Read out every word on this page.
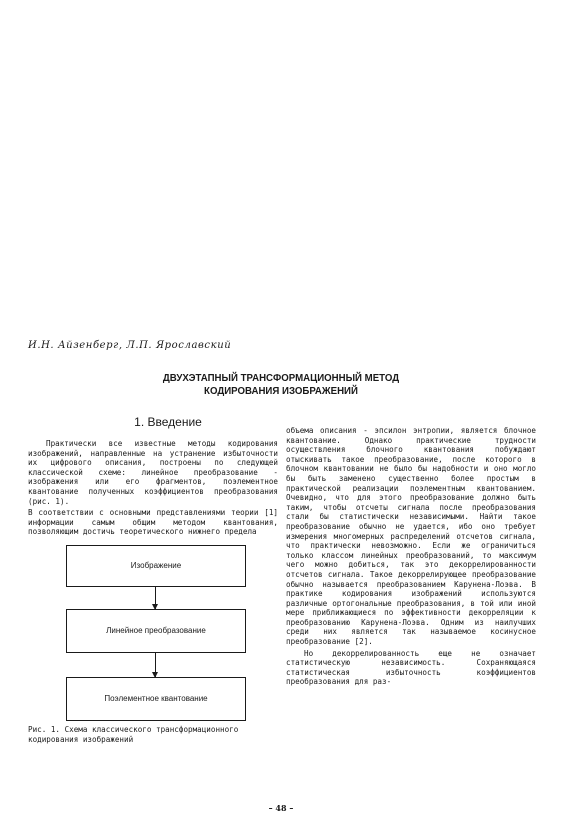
И.Н. Айзенберг, Л.П. Ярославский
ДВУХЭТАПНЫЙ ТРАНСФОРМАЦИОННЫЙ МЕТОД
КОДИРОВАНИЯ ИЗОБРАЖЕНИЙ
1. Введение

Практически все известные методы кодирования изображений, направленные на устранение избыточности их цифрового описания, построены по следующей классической схеме: линейное преобразование - изображения или его фрагментов, поэлементное квантование полученных коэффициентов преобразования (рис. 1).

В соответствии с основными представлениями теории [1] информации самым общим методом квантования, позволяющим достичь теоретического нижнего предела

Изображение
Линейное преобразование
Поэлементное квантование
Рис. 1. Схема классического трансформационного кодирования изображений

объема описания - эпсилон энтропии, является блочное квантование. Однако практические трудности осуществления блочного квантования побуждают отыскивать такое преобразование, после которого в блочном квантовании не было бы надобности и оно могло бы быть заменено существенно более простым в практической реализации поэлементным квантованием. Очевидно, что для этого преобразование должно быть таким, чтобы отсчеты сигнала после преобразования стали бы статистически независимыми. Найти такое преобразование обычно не удается, ибо оно требует измерения многомерных распределений отсчетов сигнала, что практически невозможно. Если же ограничиться только классом линейных преобразований, то максимум чего можно добиться, так это декоррелированности отсчетов сигнала. Такое декоррелирующее преобразование обычно называется преобразованием Карунена-Лоэва. В практике кодирования изображений используются различные ортогональные преобразования, в той или иной мере приближающиеся по эффективности декорреляции к преобразованию Карунена-Лоэва. Одним из наилучших среди них является так называемое косинусное преобразование [2].

Но декоррелированность еще не означает статистическую независимость. Сохраняющаяся статистическая избыточность коэффициентов преобразования для раз-

– 48 –
